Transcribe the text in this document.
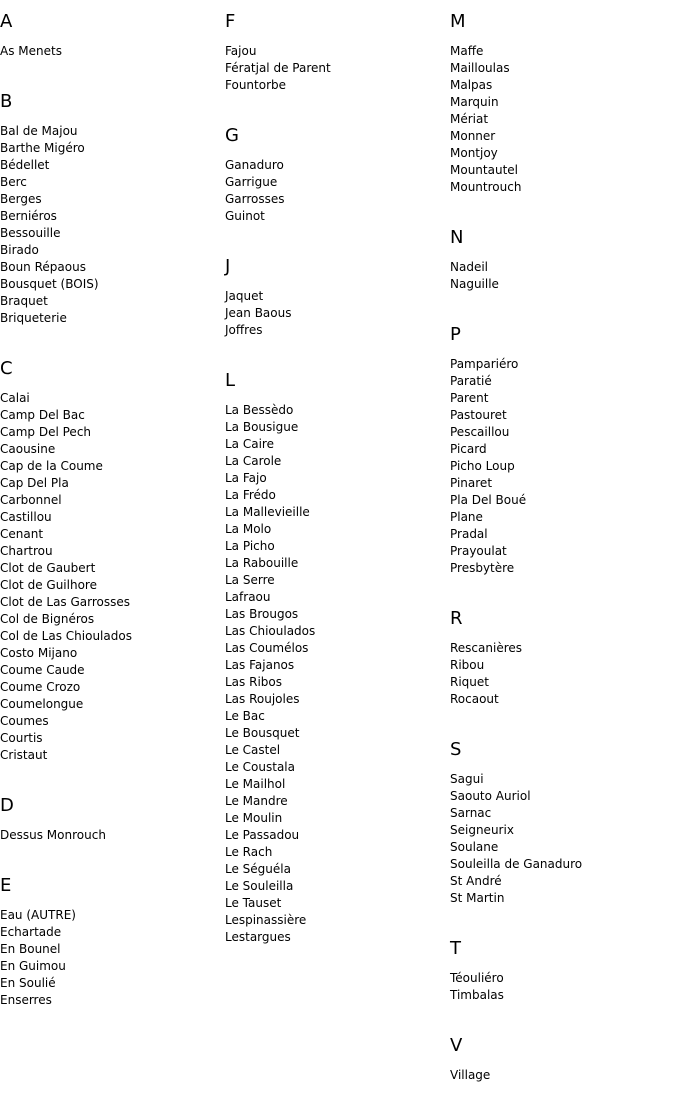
A
As Menets
B
Bal de Majou
Barthe Migéro
Bédellet
Berc
Berges
Berniéros
Bessouille
Birado
Boun Répaous
Bousquet (BOIS)
Braquet
Briqueterie
C
Calai
Camp Del Bac
Camp Del Pech
Caousine
Cap de la Coume
Cap Del Pla
Carbonnel
Castillou
Cenant
Chartrou
Clot de Gaubert
Clot de Guilhore
Clot de Las Garrosses
Col de Bignéros
Col de Las Chioulados
Costo Mijano
Coume Caude
Coume Crozo
Coumelongue
Coumes
Courtis
Cristaut
D
Dessus Monrouch
E
Eau (AUTRE)
Echartade
En Bounel
En Guimou
En Soulié
Enserres
F
Fajou
Fératjal de Parent
Fountorbe
G
Ganaduro
Garrigue
Garrosses
Guinot
J
Jaquet
Jean Baous
Joffres
L
La Bessèdo
La Bousigue
La Caire
La Carole
La Fajo
La Frédo
La Mallevieille
La Molo
La Picho
La Rabouille
La Serre
Lafraou
Las Brougos
Las Chioulados
Las Coumélos
Las Fajanos
Las Ribos
Las Roujoles
Le Bac
Le Bousquet
Le Castel
Le Coustala
Le Mailhol
Le Mandre
Le Moulin
Le Passadou
Le Rach
Le Séguéla
Le Souleilla
Le Tauset
Lespinassière
Lestargues
M
Maffe
Mailloulas
Malpas
Marquin
Mériat
Monner
Montjoy
Mountautel
Mountrouch
N
Nadeil
Naguille
P
Pampariéro
Paratié
Parent
Pastouret
Pescaillou
Picard
Picho Loup
Pinaret
Pla Del Boué
Plane
Pradal
Prayoulat
Presbytère
R
Rescanières
Ribou
Riquet
Rocaout
S
Sagui
Saouto Auriol
Sarnac
Seigneurix
Soulane
Souleilla de Ganaduro
St André
St Martin
T
Téouliéro
Timbalas
V
Village
